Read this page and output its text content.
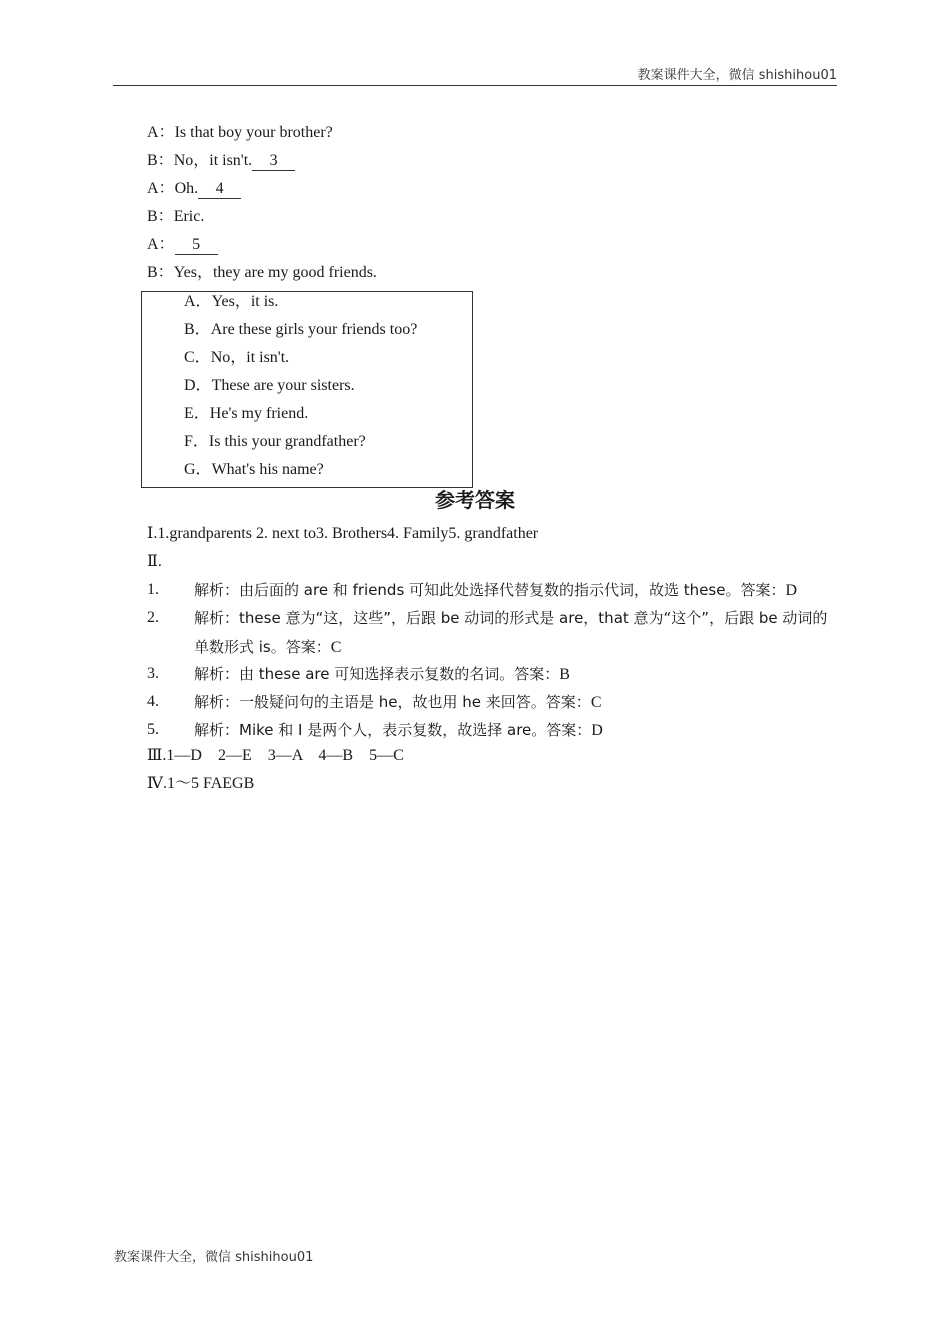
教案课件大全，微信 shishihou01
A：Is that boy your brother?
B：No，it isn't. 3
A：Oh. 4
B：Eric.
A： 5
B：Yes，they are my good friends.
A．Yes，it is.
B．Are these girls your friends too?
C．No，it isn't.
D．These are your sisters.
E．He's my friend.
F．Is this your grandfather?
G．What's his name?
参考答案
Ⅰ.1.grandparents 2. next to3. Brothers4. Family5. grandfather
Ⅱ.
1. 解析：由后面的 are 和 friends 可知此处选择代替复数的指示代词，故选 these。答案：D
2. 解析：these 意为“这，这些”，后跟 be 动词的形式是 are，that 意为“这个”，后跟 be 动词的单数形式 is。答案：C
3. 解析：由 these are 可知选择表示复数的名词。答案：B
4. 解析：一般疑问句的主语是 he，故也用 he 来回答。答案：C
5. 解析：Mike 和 I 是两个人，表示复数，故选择 are。答案：D
Ⅲ.1—D　2—E　3—A　4—B　5—C
Ⅳ.1～5 FAEGB
教案课件大全，微信 shishihou01
